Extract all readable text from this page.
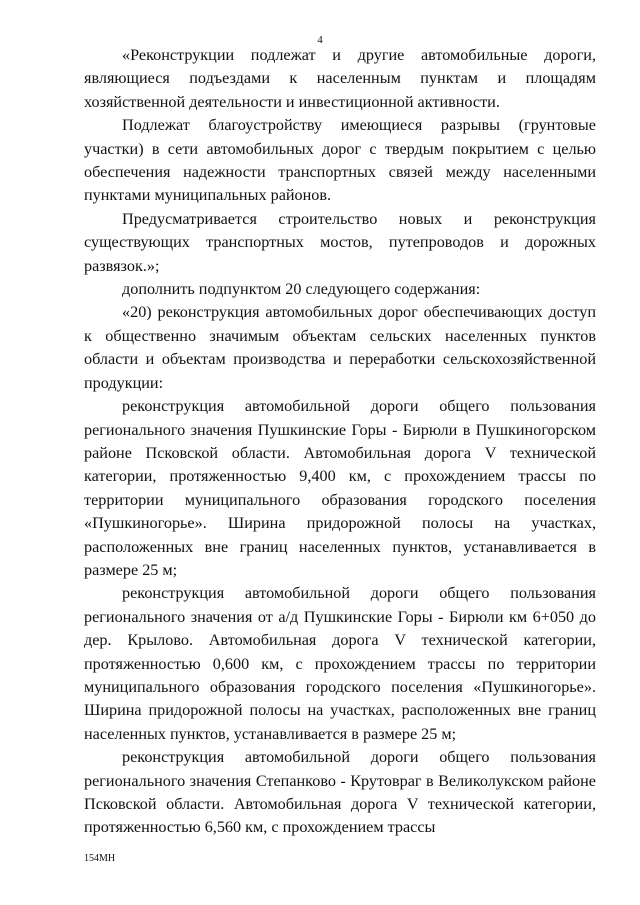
4

«Реконструкции подлежат и другие автомобильные дороги, являющиеся подъездами к населенным пунктам и площадям хозяйственной деятельности и инвестиционной активности.

Подлежат благоустройству имеющиеся разрывы (грунтовые участки) в сети автомобильных дорог с твердым покрытием с целью обеспечения надежности транспортных связей между населенными пунктами муниципальных районов.

Предусматривается строительство новых и реконструкция существующих транспортных мостов, путепроводов и дорожных развязок.»;

дополнить подпунктом 20 следующего содержания:

«20) реконструкция автомобильных дорог обеспечивающих доступ к общественно значимым объектам сельских населенных пунктов области и объектам производства и переработки сельскохозяйственной продукции:

реконструкция автомобильной дороги общего пользования регионального значения Пушкинские Горы - Бирюли в Пушкиногорском районе Псковской области. Автомобильная дорога V технической категории, протяженностью 9,400 км, с прохождением трассы по территории муниципального образования городского поселения «Пушкиногорье». Ширина придорожной полосы на участках, расположенных вне границ населенных пунктов, устанавливается в размере 25 м;

реконструкция автомобильной дороги общего пользования регионального значения от а/д Пушкинские Горы - Бирюли км 6+050 до дер. Крылово. Автомобильная дорога V технической категории, протяженностью 0,600 км, с прохождением трассы по территории муниципального образования городского поселения «Пушкиногорье». Ширина придорожной полосы на участках, расположенных вне границ населенных пунктов, устанавливается в размере 25 м;

реконструкция автомобильной дороги общего пользования регионального значения Степанково - Крутовраг в Великолукском районе Псковской области. Автомобильная дорога V технической категории, протяженностью 6,560 км, с прохождением трассы

154МН
